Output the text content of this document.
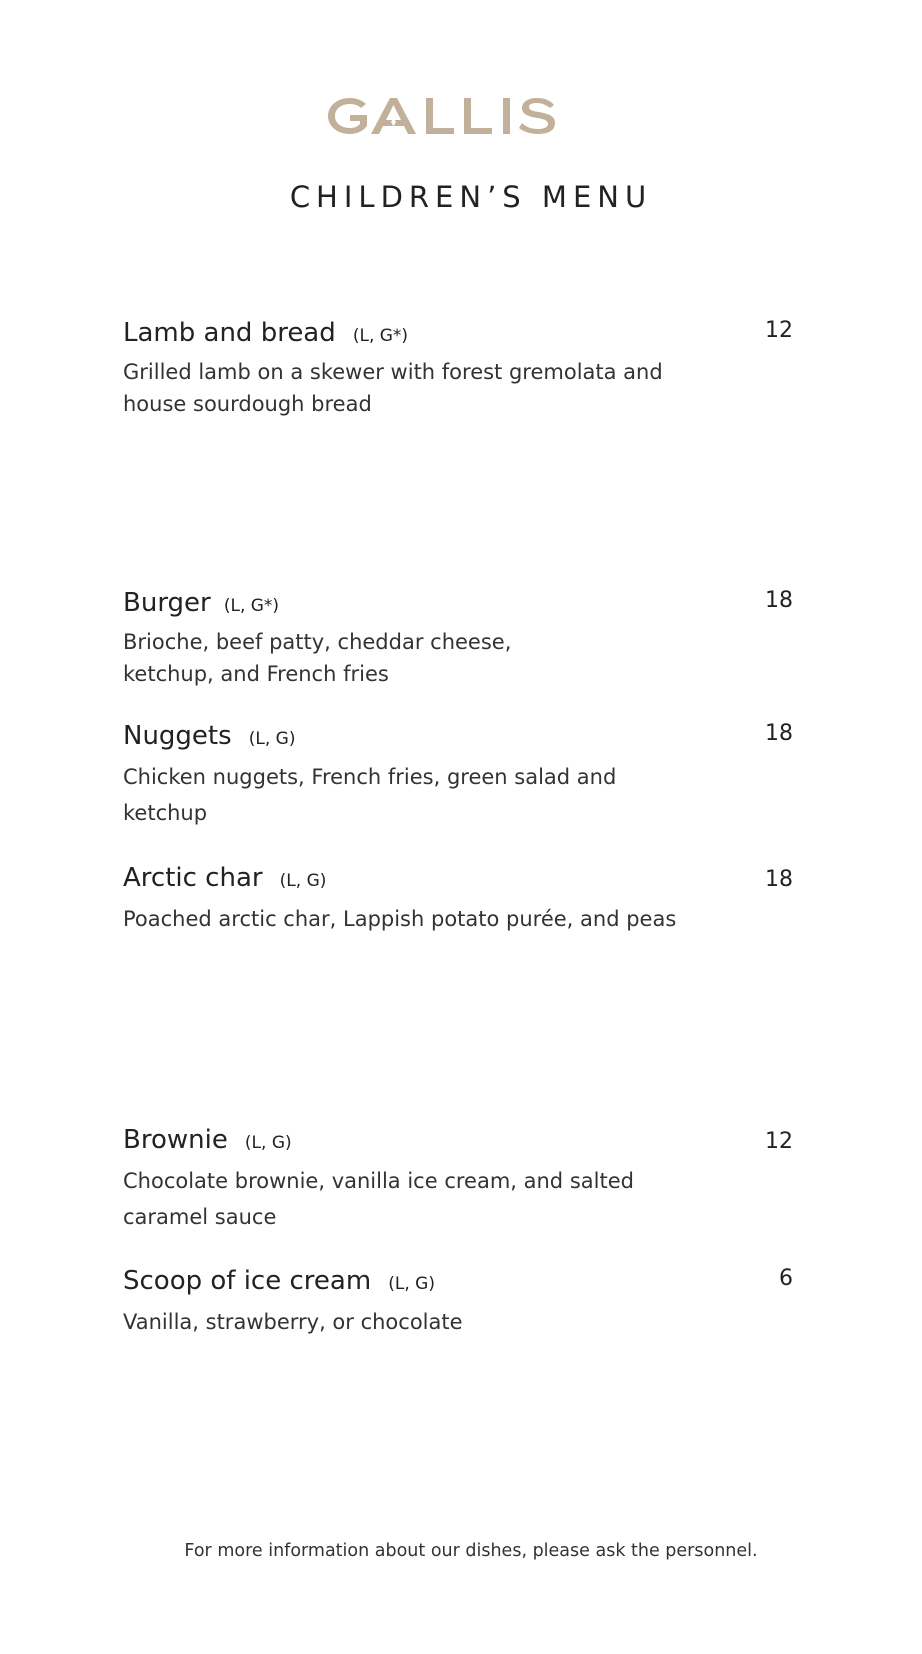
CHILDREN’S MENU
Lamb and bread (L, G*)	12
Grilled lamb on a skewer with forest gremolata and house sourdough bread
Burger (L, G*)	18
Brioche, beef patty, cheddar cheese, ketchup, and French fries
Nuggets (L, G)	18
Chicken nuggets, French fries, green salad and ketchup
Arctic char (L, G)	18
Poached arctic char, Lappish potato purée, and peas
Brownie (L, G)	12
Chocolate brownie, vanilla ice cream, and salted caramel sauce
Scoop of ice cream (L, G)	6
Vanilla, strawberry, or chocolate
For more information about our dishes, please ask the personnel.
